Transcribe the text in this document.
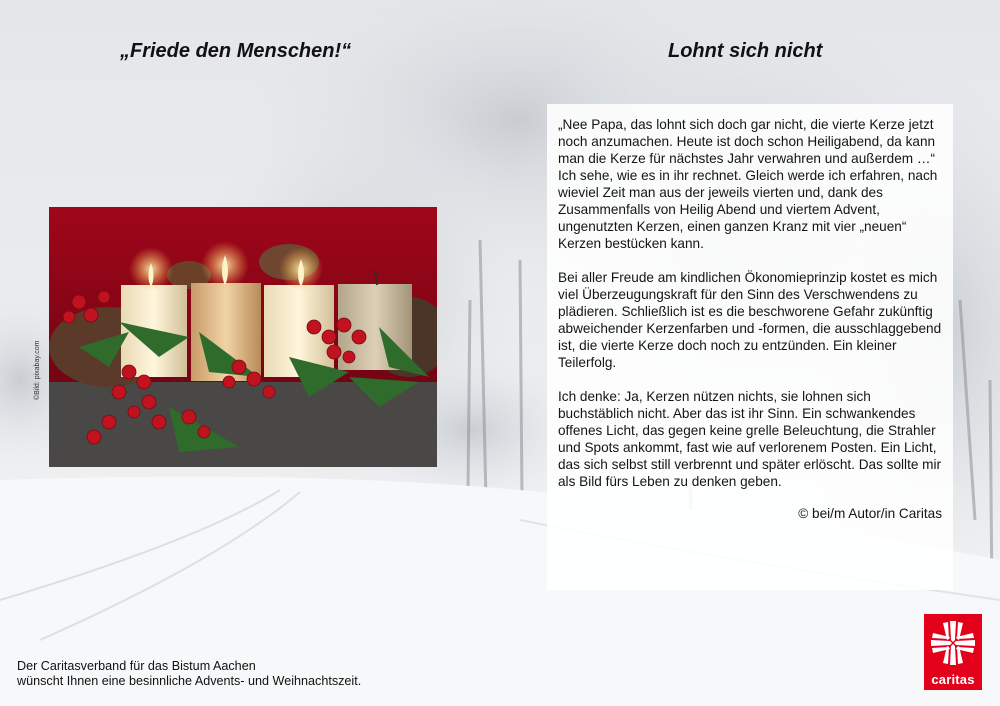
„Friede den Menschen!“	Lohnt sich nicht
©Bild: pixabay.com

„Nee Papa, das lohnt sich doch gar nicht, die vierte Kerze jetzt noch anzumachen. Heute ist doch schon Heiligabend, da kann man die Kerze für nächstes Jahr verwahren und außerdem …“ Ich sehe, wie es in ihr rechnet. Gleich werde ich erfahren, nach wieviel Zeit man aus der jeweils vierten und, dank des Zusammenfalls von Heilig Abend und viertem Advent, ungenutzten Kerzen, einen ganzen Kranz mit vier „neuen“ Kerzen bestücken kann.

Bei aller Freude am kindlichen Ökonomieprinzip kostet es mich viel Überzeugungskraft für den Sinn des Verschwendens zu plädieren. Schließlich ist es die beschworene Gefahr zukünftig abweichender Kerzenfarben und -formen, die ausschlaggebend ist, die vierte Kerze doch noch zu entzünden. Ein kleiner Teilerfolg.

Ich denke: Ja, Kerzen nützen nichts, sie lohnen sich buchstäblich nicht. Aber das ist ihr Sinn. Ein schwankendes offenes Licht, das gegen keine grelle Beleuchtung, die Strahler und Spots ankommt, fast wie auf verlorenem Posten. Ein Licht, das sich selbst still verbrennt und später erlöscht. Das sollte mir als Bild fürs Leben zu denken geben.

© bei/m Autor/in Caritas

Der Caritasverband für das Bistum Aachen
wünscht Ihnen eine besinnliche Advents- und Weihnachtszeit.	caritas
